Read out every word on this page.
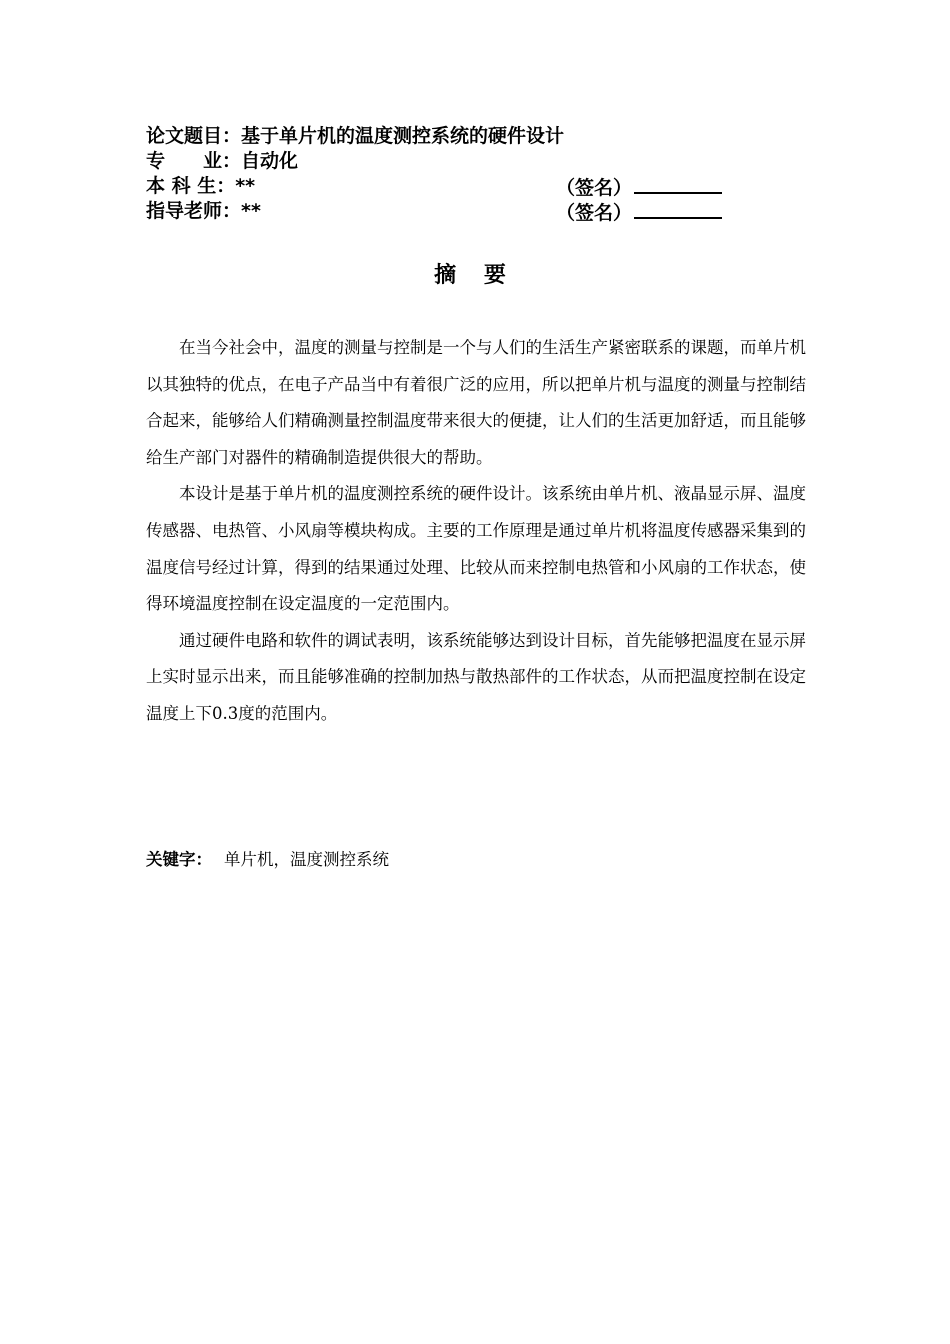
论文题目：基于单片机的温度测控系统的硬件设计
专　　业：自动化
本 科 生：**	（签名）
指导老师：**	（签名）
摘 要

在当今社会中，温度的测量与控制是一个与人们的生活生产紧密联系的课题，而单片机以其独特的优点，在电子产品当中有着很广泛的应用，所以把单片机与温度的测量与控制结合起来，能够给人们精确测量控制温度带来很大的便捷，让人们的生活更加舒适，而且能够给生产部门对器件的精确制造提供很大的帮助。

本设计是基于单片机的温度测控系统的硬件设计。该系统由单片机、液晶显示屏、温度传感器、电热管、小风扇等模块构成。主要的工作原理是通过单片机将温度传感器采集到的温度信号经过计算，得到的结果通过处理、比较从而来控制电热管和小风扇的工作状态，使得环境温度控制在设定温度的一定范围内。

通过硬件电路和软件的调试表明，该系统能够达到设计目标，首先能够把温度在显示屏上实时显示出来，而且能够准确的控制加热与散热部件的工作状态，从而把温度控制在设定温度上下0.3度的范围内。

关键字： 单片机，温度测控系统
